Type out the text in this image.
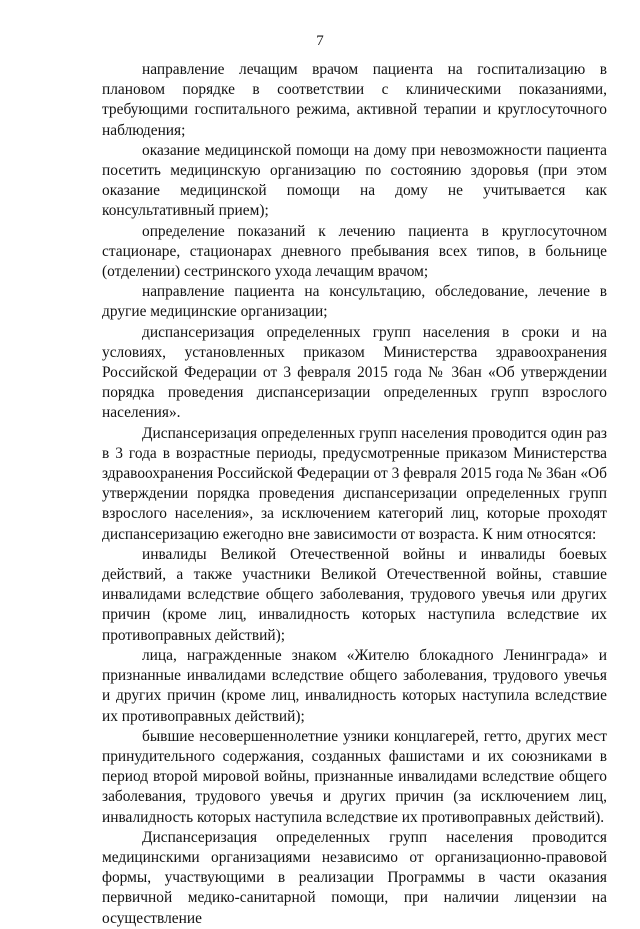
7

направление лечащим врачом пациента на госпитализацию в плановом порядке в соответствии с клиническими показаниями, требующими госпитального режима, активной терапии и круглосуточного наблюдения;

оказание медицинской помощи на дому при невозможности пациента посетить медицинскую организацию по состоянию здоровья (при этом оказание медицинской помощи на дому не учитывается как консультативный прием);

определение показаний к лечению пациента в круглосуточном стационаре, стационарах дневного пребывания всех типов, в больнице (отделении) сестринского ухода лечащим врачом;

направление пациента на консультацию, обследование, лечение в другие медицинские организации;

диспансеризация определенных групп населения в сроки и на условиях, установленных приказом Министерства здравоохранения Российской Федерации от 3 февраля 2015 года № 36ан «Об утверждении порядка проведения диспансеризации определенных групп взрослого населения».

Диспансеризация определенных групп населения проводится один раз в 3 года в возрастные периоды, предусмотренные приказом Министерства здравоохранения Российской Федерации от 3 февраля 2015 года № 36ан «Об утверждении порядка проведения диспансеризации определенных групп взрослого населения», за исключением категорий лиц, которые проходят диспансеризацию ежегодно вне зависимости от возраста. К ним относятся:

инвалиды Великой Отечественной войны и инвалиды боевых действий, а также участники Великой Отечественной войны, ставшие инвалидами вследствие общего заболевания, трудового увечья или других причин (кроме лиц, инвалидность которых наступила вследствие их противоправных действий);

лица, награжденные знаком «Жителю блокадного Ленинграда» и признанные инвалидами вследствие общего заболевания, трудового увечья и других причин (кроме лиц, инвалидность которых наступила вследствие их противоправных действий);

бывшие несовершеннолетние узники концлагерей, гетто, других мест принудительного содержания, созданных фашистами и их союзниками в период второй мировой войны, признанные инвалидами вследствие общего заболевания, трудового увечья и других причин (за исключением лиц, инвалидность которых наступила вследствие их противоправных действий).

Диспансеризация определенных групп населения проводится медицинскими организациями независимо от организационно-правовой формы, участвующими в реализации Программы в части оказания первичной медико-санитарной помощи, при наличии лицензии на осуществление
